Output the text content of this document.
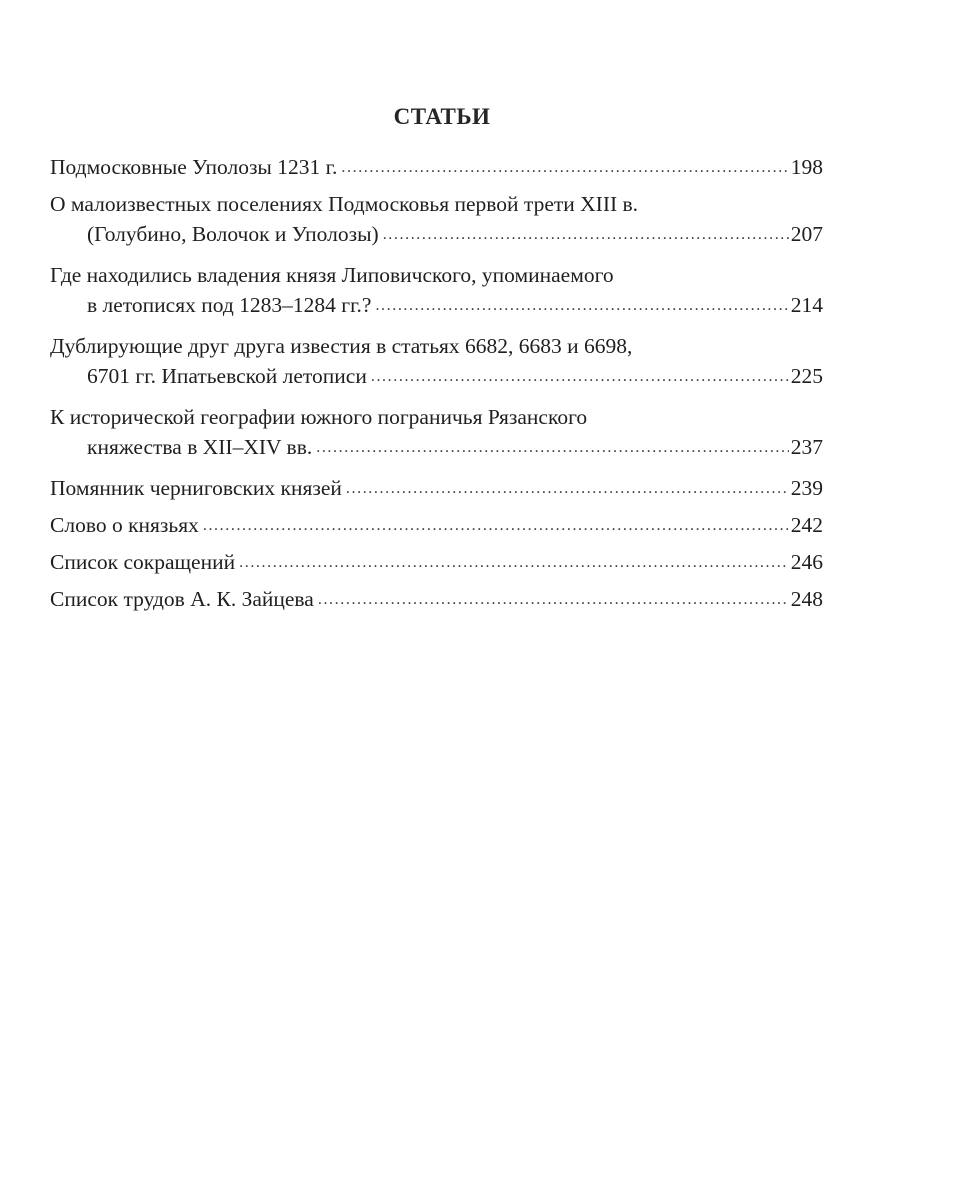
СТАТЬИ
Подмосковные Уполозы 1231 г. .....	198
О малоизвестных поселениях Подмосковья первой трети XIII в.
(Голубино, Волочок и Уполозы) .....	207
Где находились владения князя Липовичского, упоминаемого
в летописях под 1283–1284 гг.? .....	214
Дублирующие друг друга известия в статьях 6682, 6683 и 6698,
6701 гг. Ипатьевской летописи .....	225
К исторической географии южного пограничья Рязанского
княжества в XII–XIV вв. .....	237
Помянник черниговских князей .....	239
Слово о князьях .....	242
Список сокращений .....	246
Список трудов А. К. Зайцева .....	248
